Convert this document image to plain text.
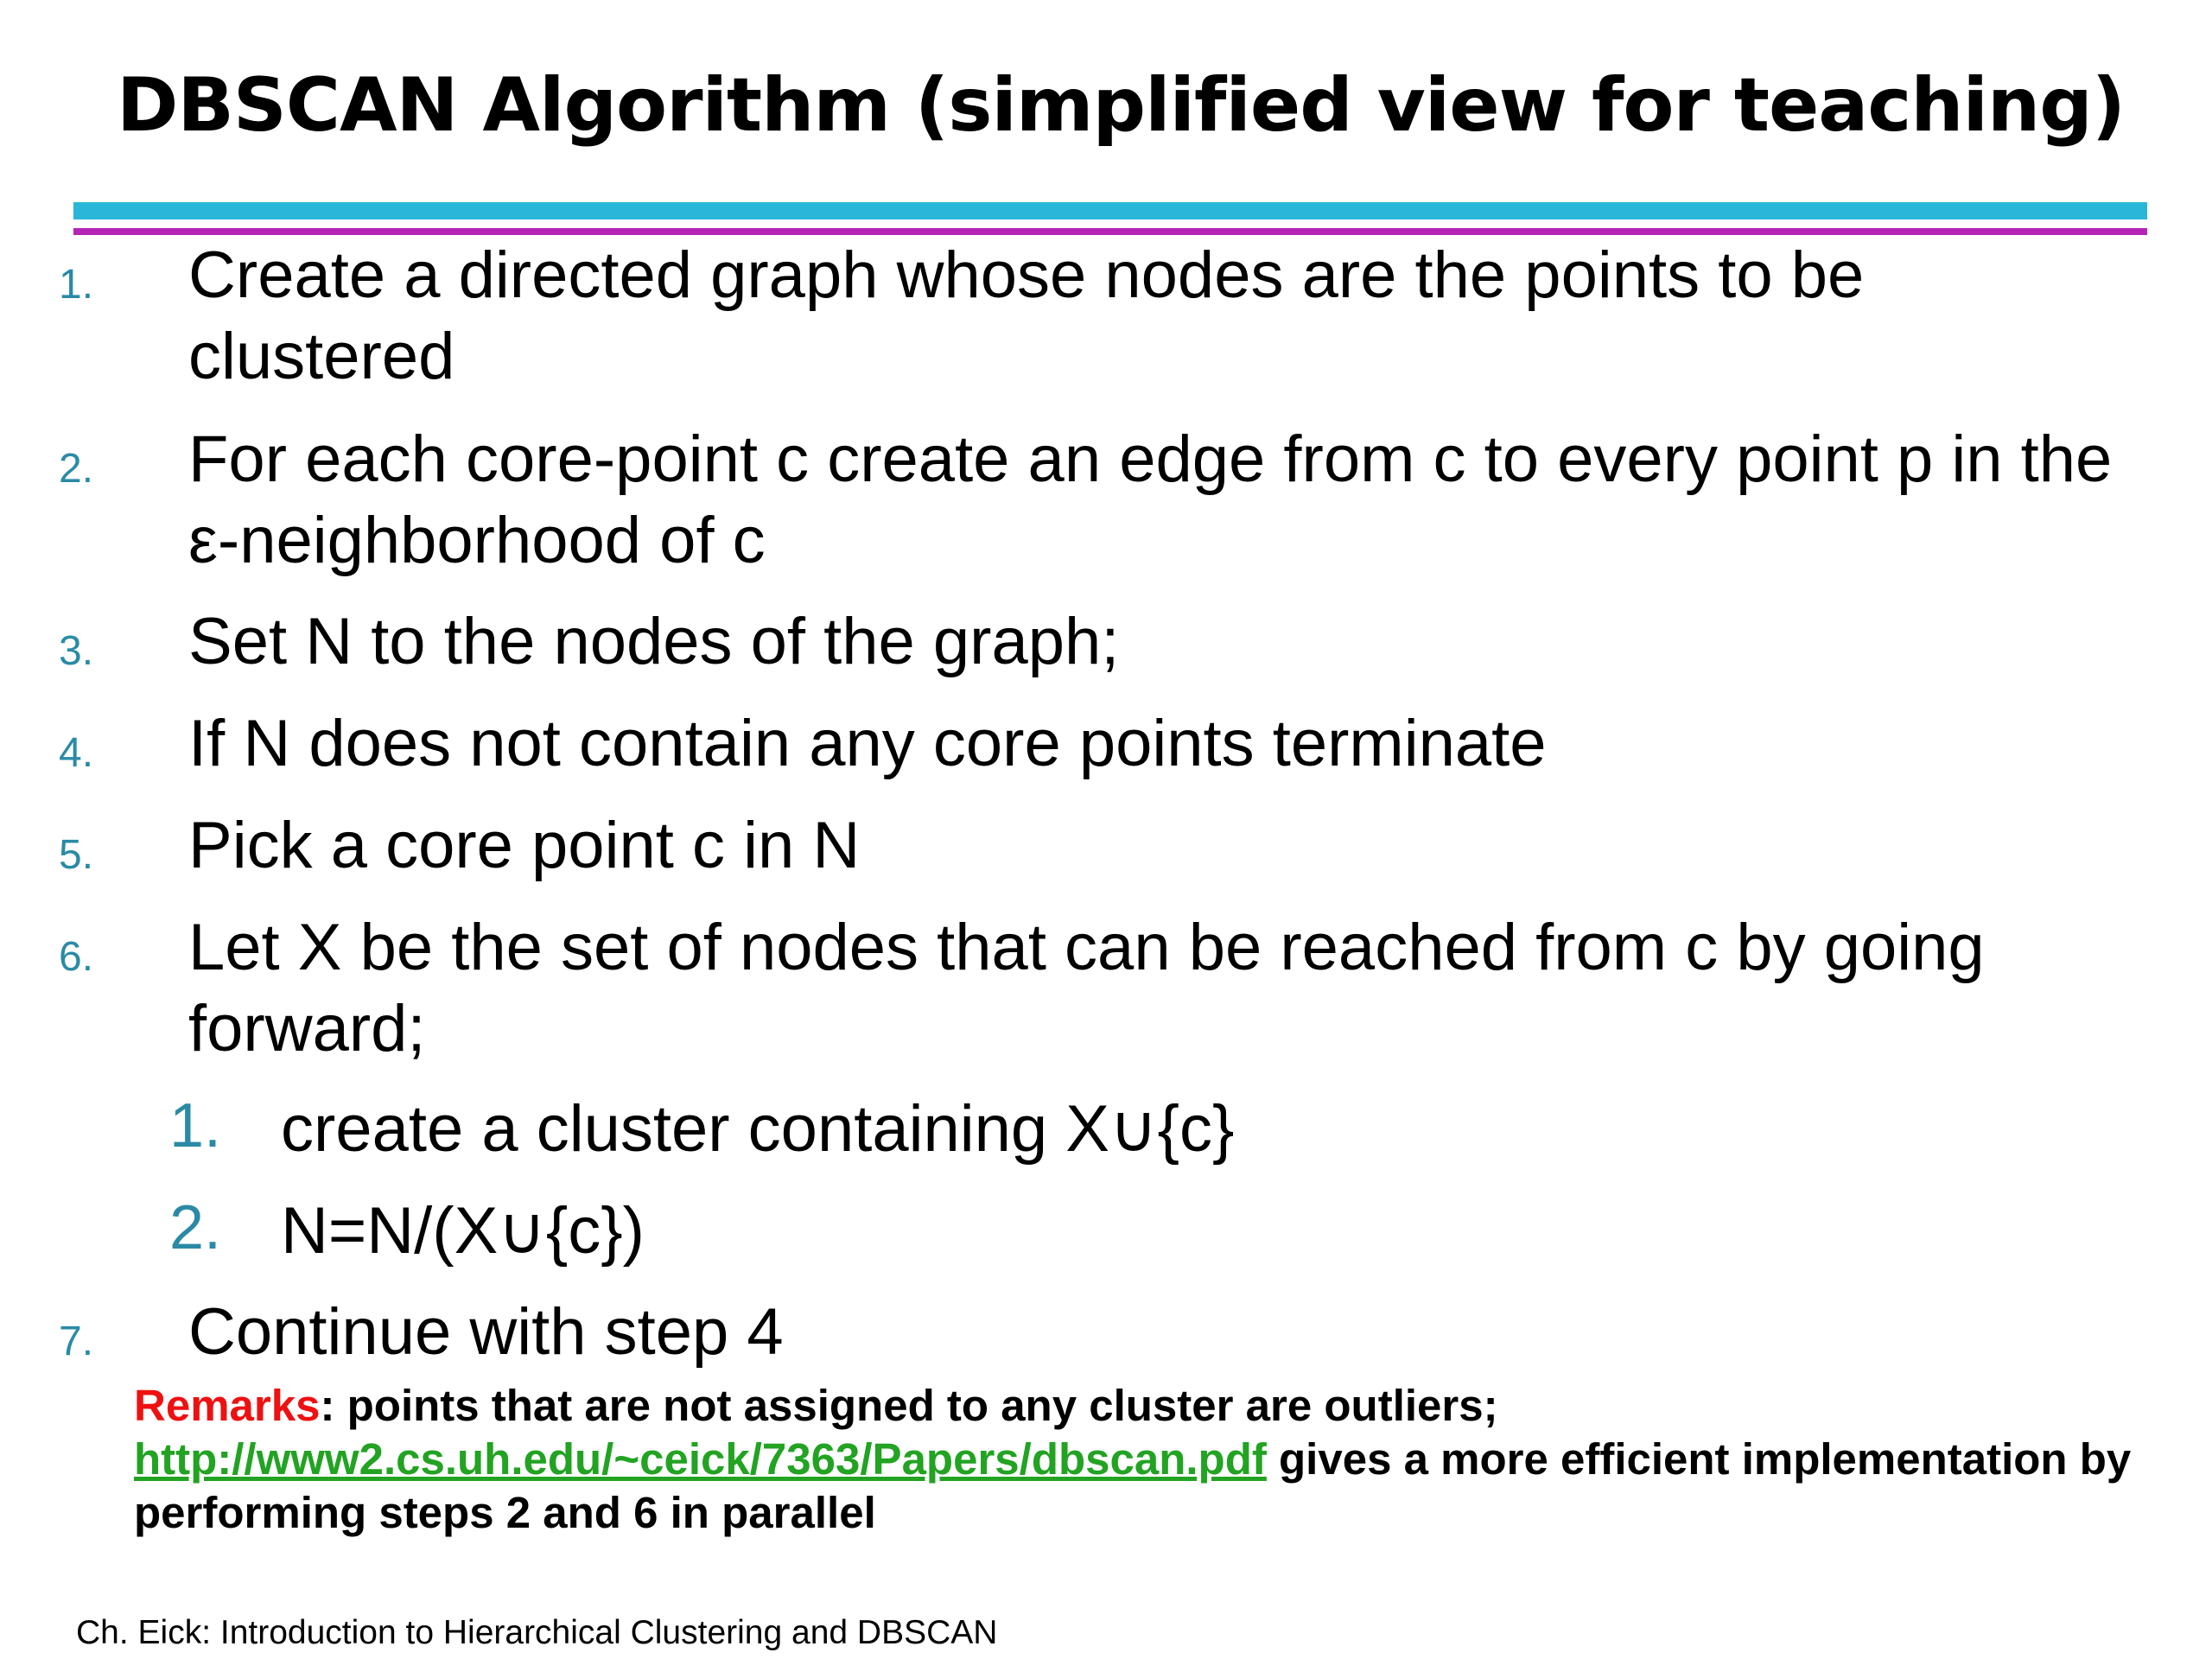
DBSCAN Algorithm (simplified view for teaching)
1. Create a directed graph whose nodes are the points to be
clustered
2. For each core-point c create an edge from c to every point p in the
ε-neighborhood of c
3. Set N to the nodes of the graph;
4. If N does not contain any core points terminate
5. Pick a core point c in N
6. Let X be the set of nodes that can be reached from c by going
forward;
1. create a cluster containing X∪{c}
2. N=N/(X∪{c})
7. Continue with step 4
Remarks: points that are not assigned to any cluster are outliers;
http://www2.cs.uh.edu/~ceick/7363/Papers/dbscan.pdf gives a more efficient implementation by
performing steps 2 and 6 in parallel
Ch. Eick: Introduction to Hierarchical Clustering and DBSCAN
